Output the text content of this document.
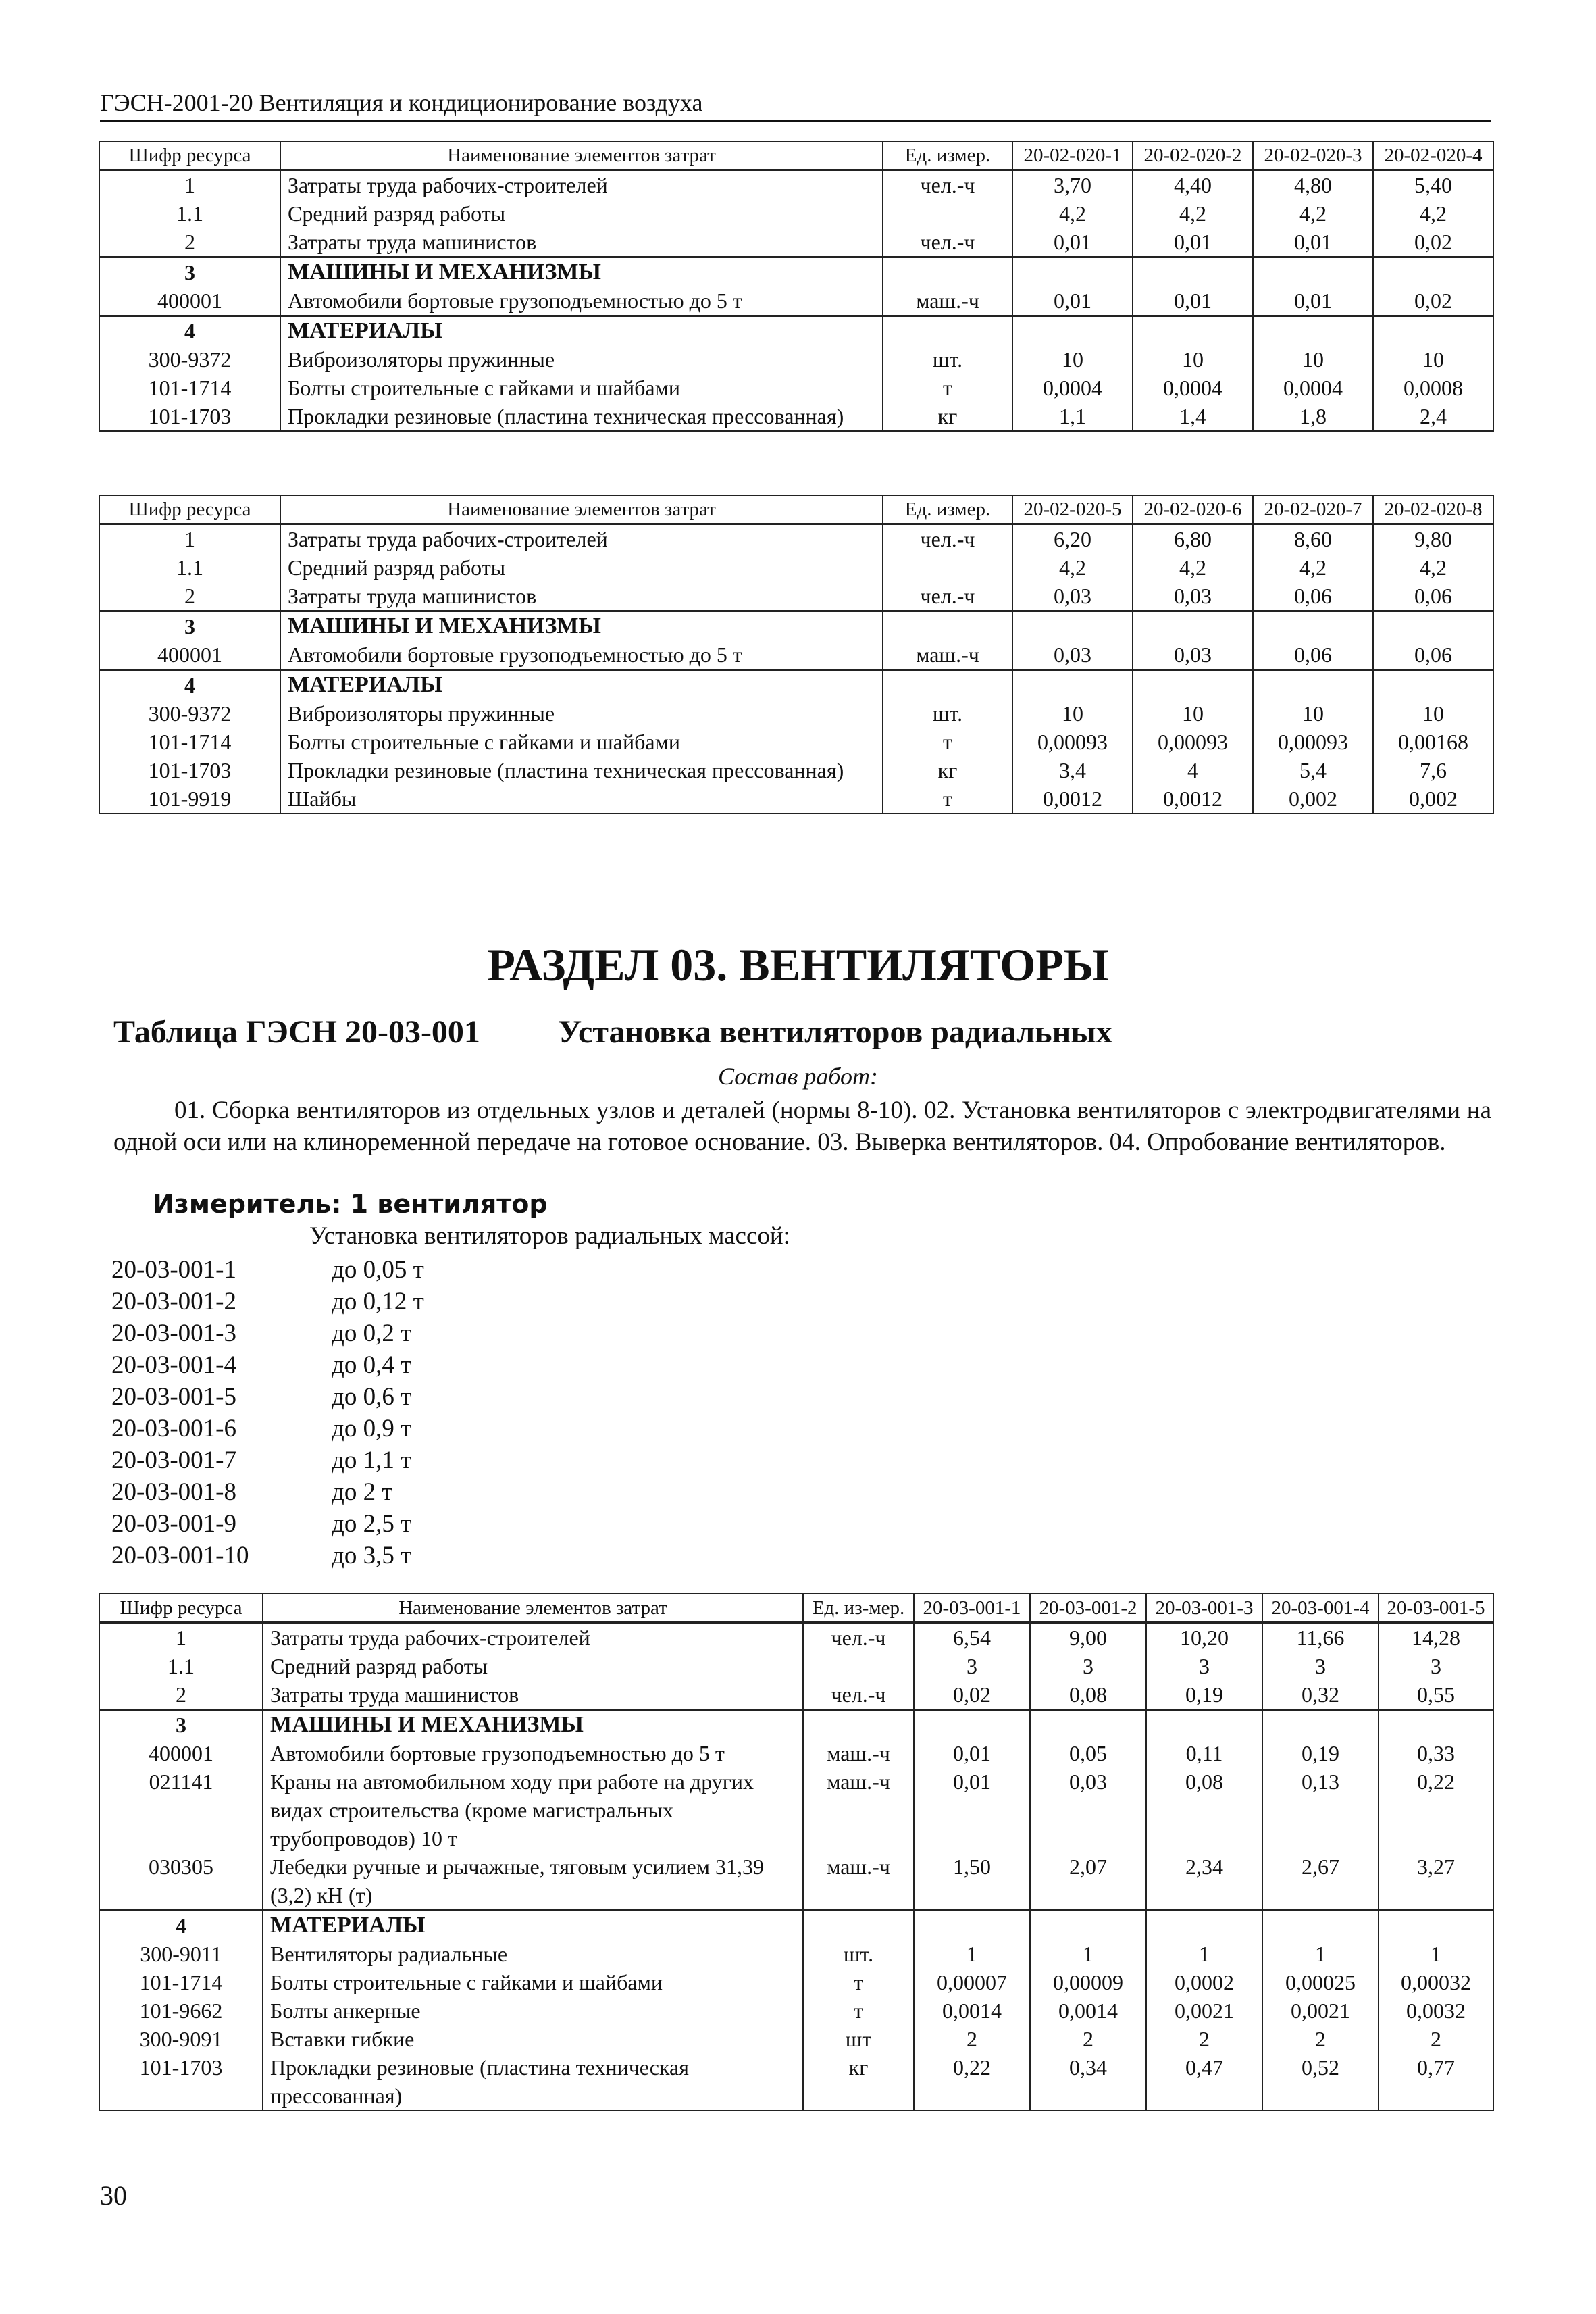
ГЭСН-2001-20 Вентиляция и кондиционирование воздуха
Шифр ресурса	Наименование элементов затрат	Ед. измер.	20-02-020-1	20-02-020-2	20-02-020-3	20-02-020-4
1	Затраты труда рабочих-строителей	чел.-ч	3,70	4,40	4,80	5,40
1.1	Средний разряд работы		4,2	4,2	4,2	4,2
2	Затраты труда машинистов	чел.-ч	0,01	0,01	0,01	0,02
3	МАШИНЫ И МЕХАНИЗМЫ					
400001	Автомобили бортовые грузоподъемностью до 5 т	маш.-ч	0,01	0,01	0,01	0,02
4	МАТЕРИАЛЫ					
300-9372	Виброизоляторы пружинные	шт.	10	10	10	10
101-1714	Болты строительные с гайками и шайбами	т	0,0004	0,0004	0,0004	0,0008
101-1703	Прокладки резиновые (пластина техническая прессованная)	кг	1,1	1,4	1,8	2,4
Шифр ресурса	Наименование элементов затрат	Ед. измер.	20-02-020-5	20-02-020-6	20-02-020-7	20-02-020-8
1	Затраты труда рабочих-строителей	чел.-ч	6,20	6,80	8,60	9,80
1.1	Средний разряд работы		4,2	4,2	4,2	4,2
2	Затраты труда машинистов	чел.-ч	0,03	0,03	0,06	0,06
3	МАШИНЫ И МЕХАНИЗМЫ					
400001	Автомобили бортовые грузоподъемностью до 5 т	маш.-ч	0,03	0,03	0,06	0,06
4	МАТЕРИАЛЫ					
300-9372	Виброизоляторы пружинные	шт.	10	10	10	10
101-1714	Болты строительные с гайками и шайбами	т	0,00093	0,00093	0,00093	0,00168
101-1703	Прокладки резиновые (пластина техническая прессованная)	кг	3,4	4	5,4	7,6
101-9919	Шайбы	т	0,0012	0,0012	0,002	0,002
РАЗДЕЛ 03. ВЕНТИЛЯТОРЫ
Таблица ГЭСН 20-03-001 Установка вентиляторов радиальных
Состав работ:
01. Сборка вентиляторов из отдельных узлов и деталей (нормы 8-10). 02. Установка вентиляторов с электродвигателями на одной оси или на клиноременной передаче на готовое основание. 03. Выверка вентиляторов. 04. Опробование вентиляторов.
Измеритель: 1 вентилятор
Установка вентиляторов радиальных массой:
20-03-001-1	до 0,05 т
20-03-001-2	до 0,12 т
20-03-001-3	до 0,2 т
20-03-001-4	до 0,4 т
20-03-001-5	до 0,6 т
20-03-001-6	до 0,9 т
20-03-001-7	до 1,1 т
20-03-001-8	до 2 т
20-03-001-9	до 2,5 т
20-03-001-10	до 3,5 т
Шифр ресурса	Наименование элементов затрат	Ед. из-мер.	20-03-001-1	20-03-001-2	20-03-001-3	20-03-001-4	20-03-001-5
1	Затраты труда рабочих-строителей	чел.-ч	6,54	9,00	10,20	11,66	14,28
1.1	Средний разряд работы		3	3	3	3	3
2	Затраты труда машинистов	чел.-ч	0,02	0,08	0,19	0,32	0,55
3	МАШИНЫ И МЕХАНИЗМЫ						
400001	Автомобили бортовые грузоподъемностью до 5 т	маш.-ч	0,01	0,05	0,11	0,19	0,33
021141	Краны на автомобильном ходу при работе на других видах строительства (кроме магистральных трубопроводов) 10 т	маш.-ч	0,01	0,03	0,08	0,13	0,22
030305	Лебедки ручные и рычажные, тяговым усилием 31,39 (3,2) кН (т)	маш.-ч	1,50	2,07	2,34	2,67	3,27
4	МАТЕРИАЛЫ						
300-9011	Вентиляторы радиальные	шт.	1	1	1	1	1
101-1714	Болты строительные с гайками и шайбами	т	0,00007	0,00009	0,0002	0,00025	0,00032
101-9662	Болты анкерные	т	0,0014	0,0014	0,0021	0,0021	0,0032
300-9091	Вставки гибкие	шт	2	2	2	2	2
101-1703	Прокладки резиновые (пластина техническая прессованная)	кг	0,22	0,34	0,47	0,52	0,77
30
